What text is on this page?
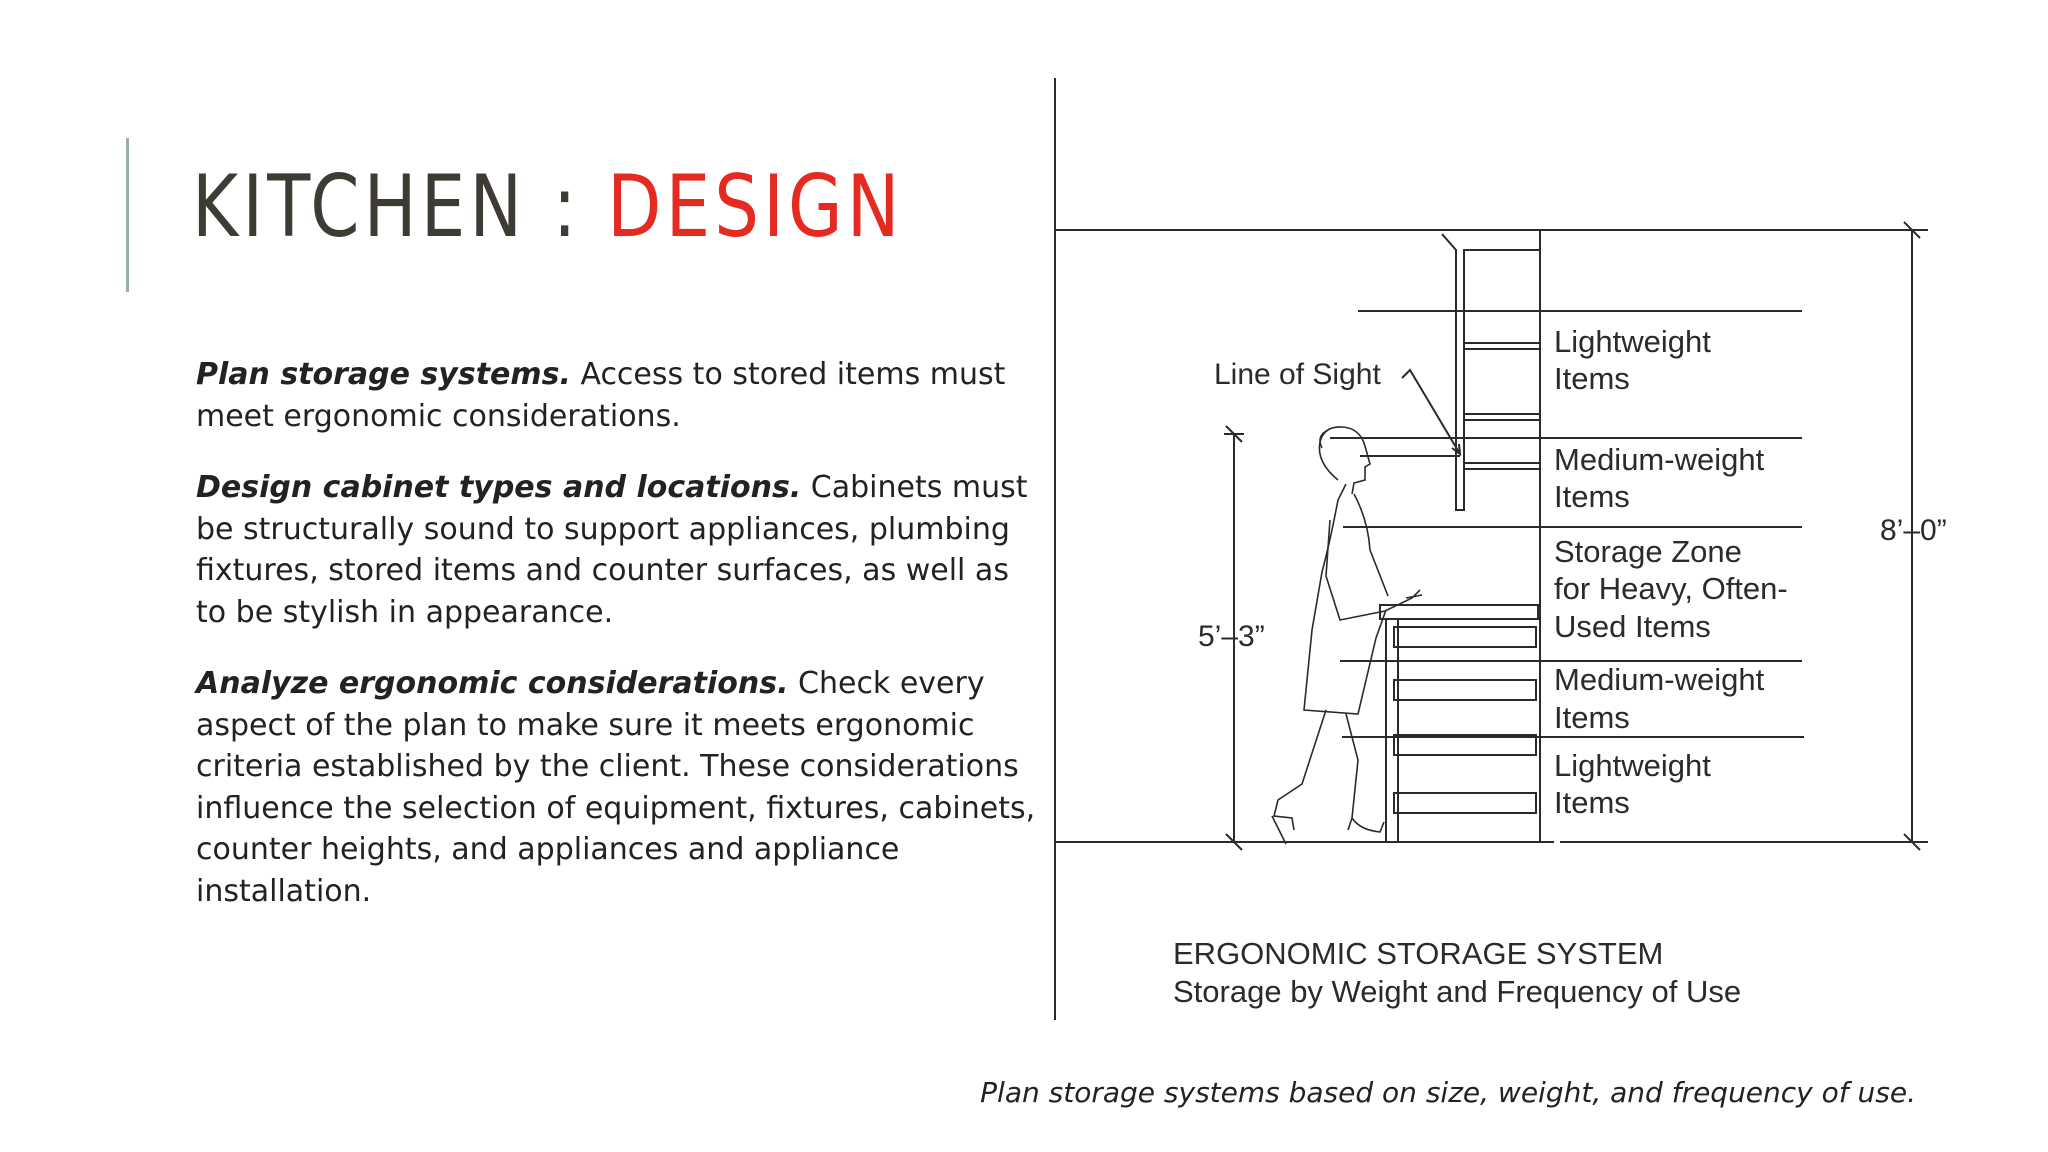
KITCHEN : DESIGN

Plan storage systems. Access to stored items must meet ergonomic considerations.

Design cabinet types and locations. Cabinets must be structurally sound to support appliances, plumbing fixtures, stored items and counter surfaces, as well as to be stylish in appearance.

Analyze ergonomic considerations. Check every aspect of the plan to make sure it meets ergonomic criteria established by the client. These considerations influence the selection of equipment, fixtures, cabinets, counter heights, and appliances and appliance installation.

Line of Sight
Lightweight
Items
Medium-weight
Items
Storage Zone
for Heavy, Often-
Used Items
Medium-weight
Items
Lightweight
Items
5’–3”
8’–0”
ERGONOMIC STORAGE SYSTEM
Storage by Weight and Frequency of Use
Plan storage systems based on size, weight, and frequency of use.
